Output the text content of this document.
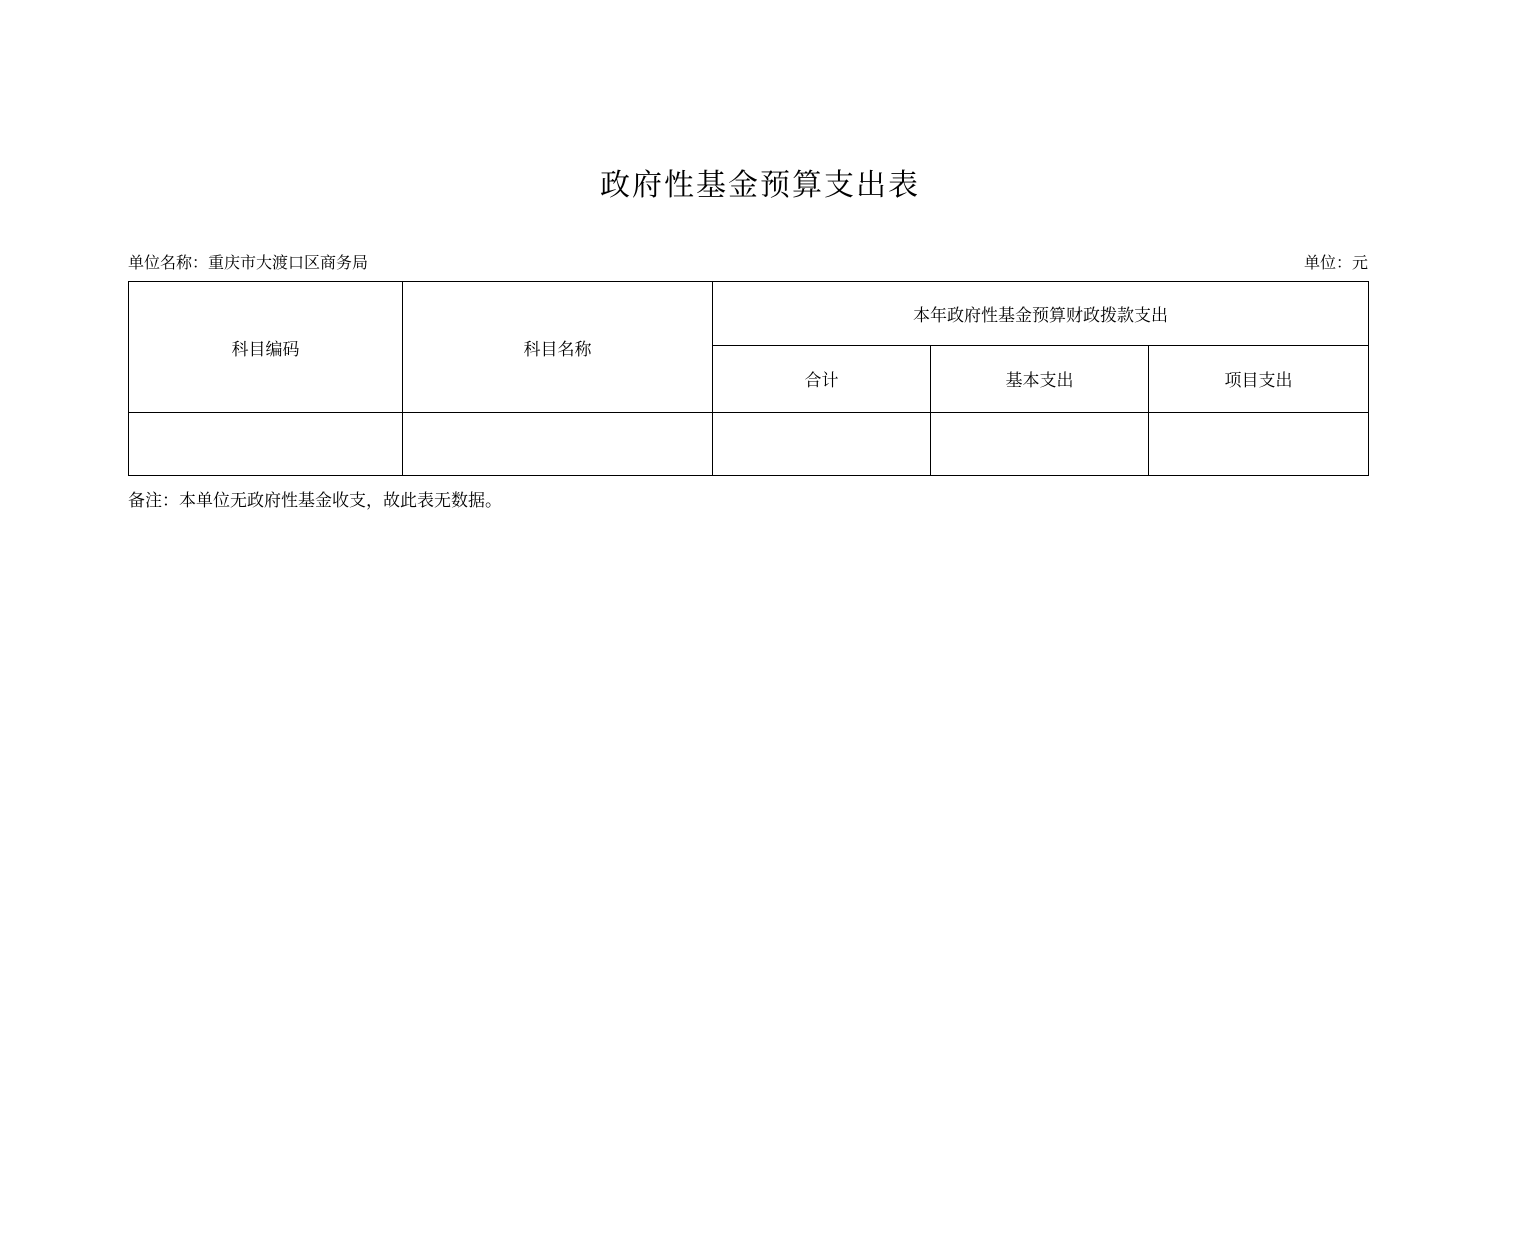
政府性基金预算支出表
单位名称：重庆市大渡口区商务局	单位：元
科目编码	科目名称	本年政府性基金预算财政拨款支出		
		合计	基本支出	项目支出

备注：本单位无政府性基金收支，故此表无数据。
